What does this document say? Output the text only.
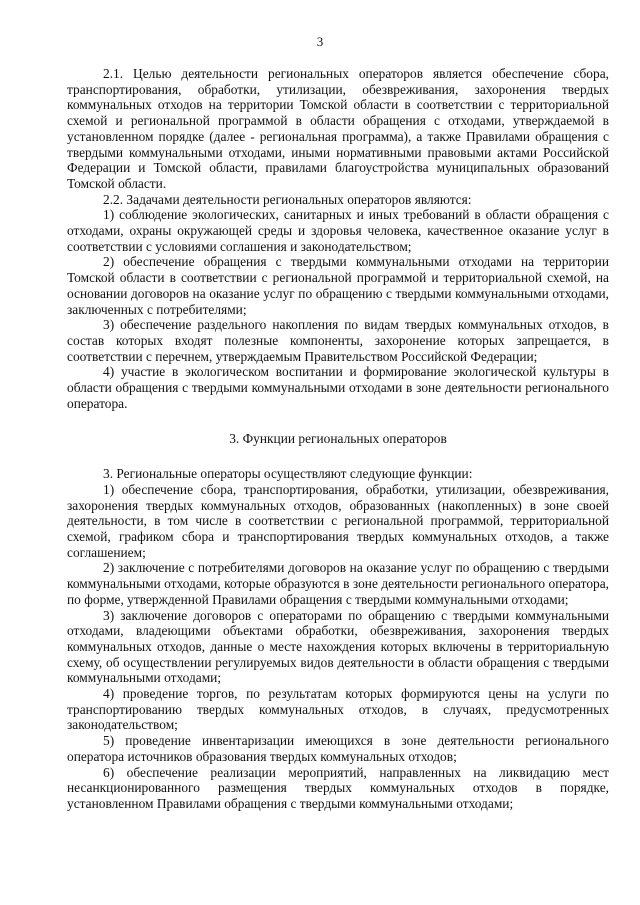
3

2.1. Целью деятельности региональных операторов является обеспечение сбора, транспортирования, обработки, утилизации, обезвреживания, захоронения твердых коммунальных отходов на территории Томской области в соответствии с территориальной схемой и региональной программой в области обращения с отходами, утверждаемой в установленном порядке (далее - региональная программа), а также Правилами обращения с твердыми коммунальными отходами, иными нормативными правовыми актами Российской Федерации и Томской области, правилами благоустройства муниципальных образований Томской области.

2.2. Задачами деятельности региональных операторов являются:

1) соблюдение экологических, санитарных и иных требований в области обращения с отходами, охраны окружающей среды и здоровья человека, качественное оказание услуг в соответствии с условиями соглашения и законодательством;

2) обеспечение обращения с твердыми коммунальными отходами на территории Томской области в соответствии с региональной программой и территориальной схемой, на основании договоров на оказание услуг по обращению с твердыми коммунальными отходами, заключенных с потребителями;

3) обеспечение раздельного накопления по видам твердых коммунальных отходов, в состав которых входят полезные компоненты, захоронение которых запрещается, в соответствии с перечнем, утверждаемым Правительством Российской Федерации;

4) участие в экологическом воспитании и формирование экологической культуры в области обращения с твердыми коммунальными отходами в зоне деятельности регионального оператора.

3. Функции региональных операторов

3. Региональные операторы осуществляют следующие функции:

1) обеспечение сбора, транспортирования, обработки, утилизации, обезвреживания, захоронения твердых коммунальных отходов, образованных (накопленных) в зоне своей деятельности, в том числе в соответствии с региональной программой, территориальной схемой, графиком сбора и транспортирования твердых коммунальных отходов, а также соглашением;

2) заключение с потребителями договоров на оказание услуг по обращению с твердыми коммунальными отходами, которые образуются в зоне деятельности регионального оператора, по форме, утвержденной Правилами обращения с твердыми коммунальными отходами;

3) заключение договоров с операторами по обращению с твердыми коммунальными отходами, владеющими объектами обработки, обезвреживания, захоронения твердых коммунальных отходов, данные о месте нахождения которых включены в территориальную схему, об осуществлении регулируемых видов деятельности в области обращения с твердыми коммунальными отходами;

4) проведение торгов, по результатам которых формируются цены на услуги по транспортированию твердых коммунальных отходов, в случаях, предусмотренных законодательством;

5) проведение инвентаризации имеющихся в зоне деятельности регионального оператора источников образования твердых коммунальных отходов;

6) обеспечение реализации мероприятий, направленных на ликвидацию мест несанкционированного размещения твердых коммунальных отходов в порядке, установленном Правилами обращения с твердыми коммунальными отходами;
